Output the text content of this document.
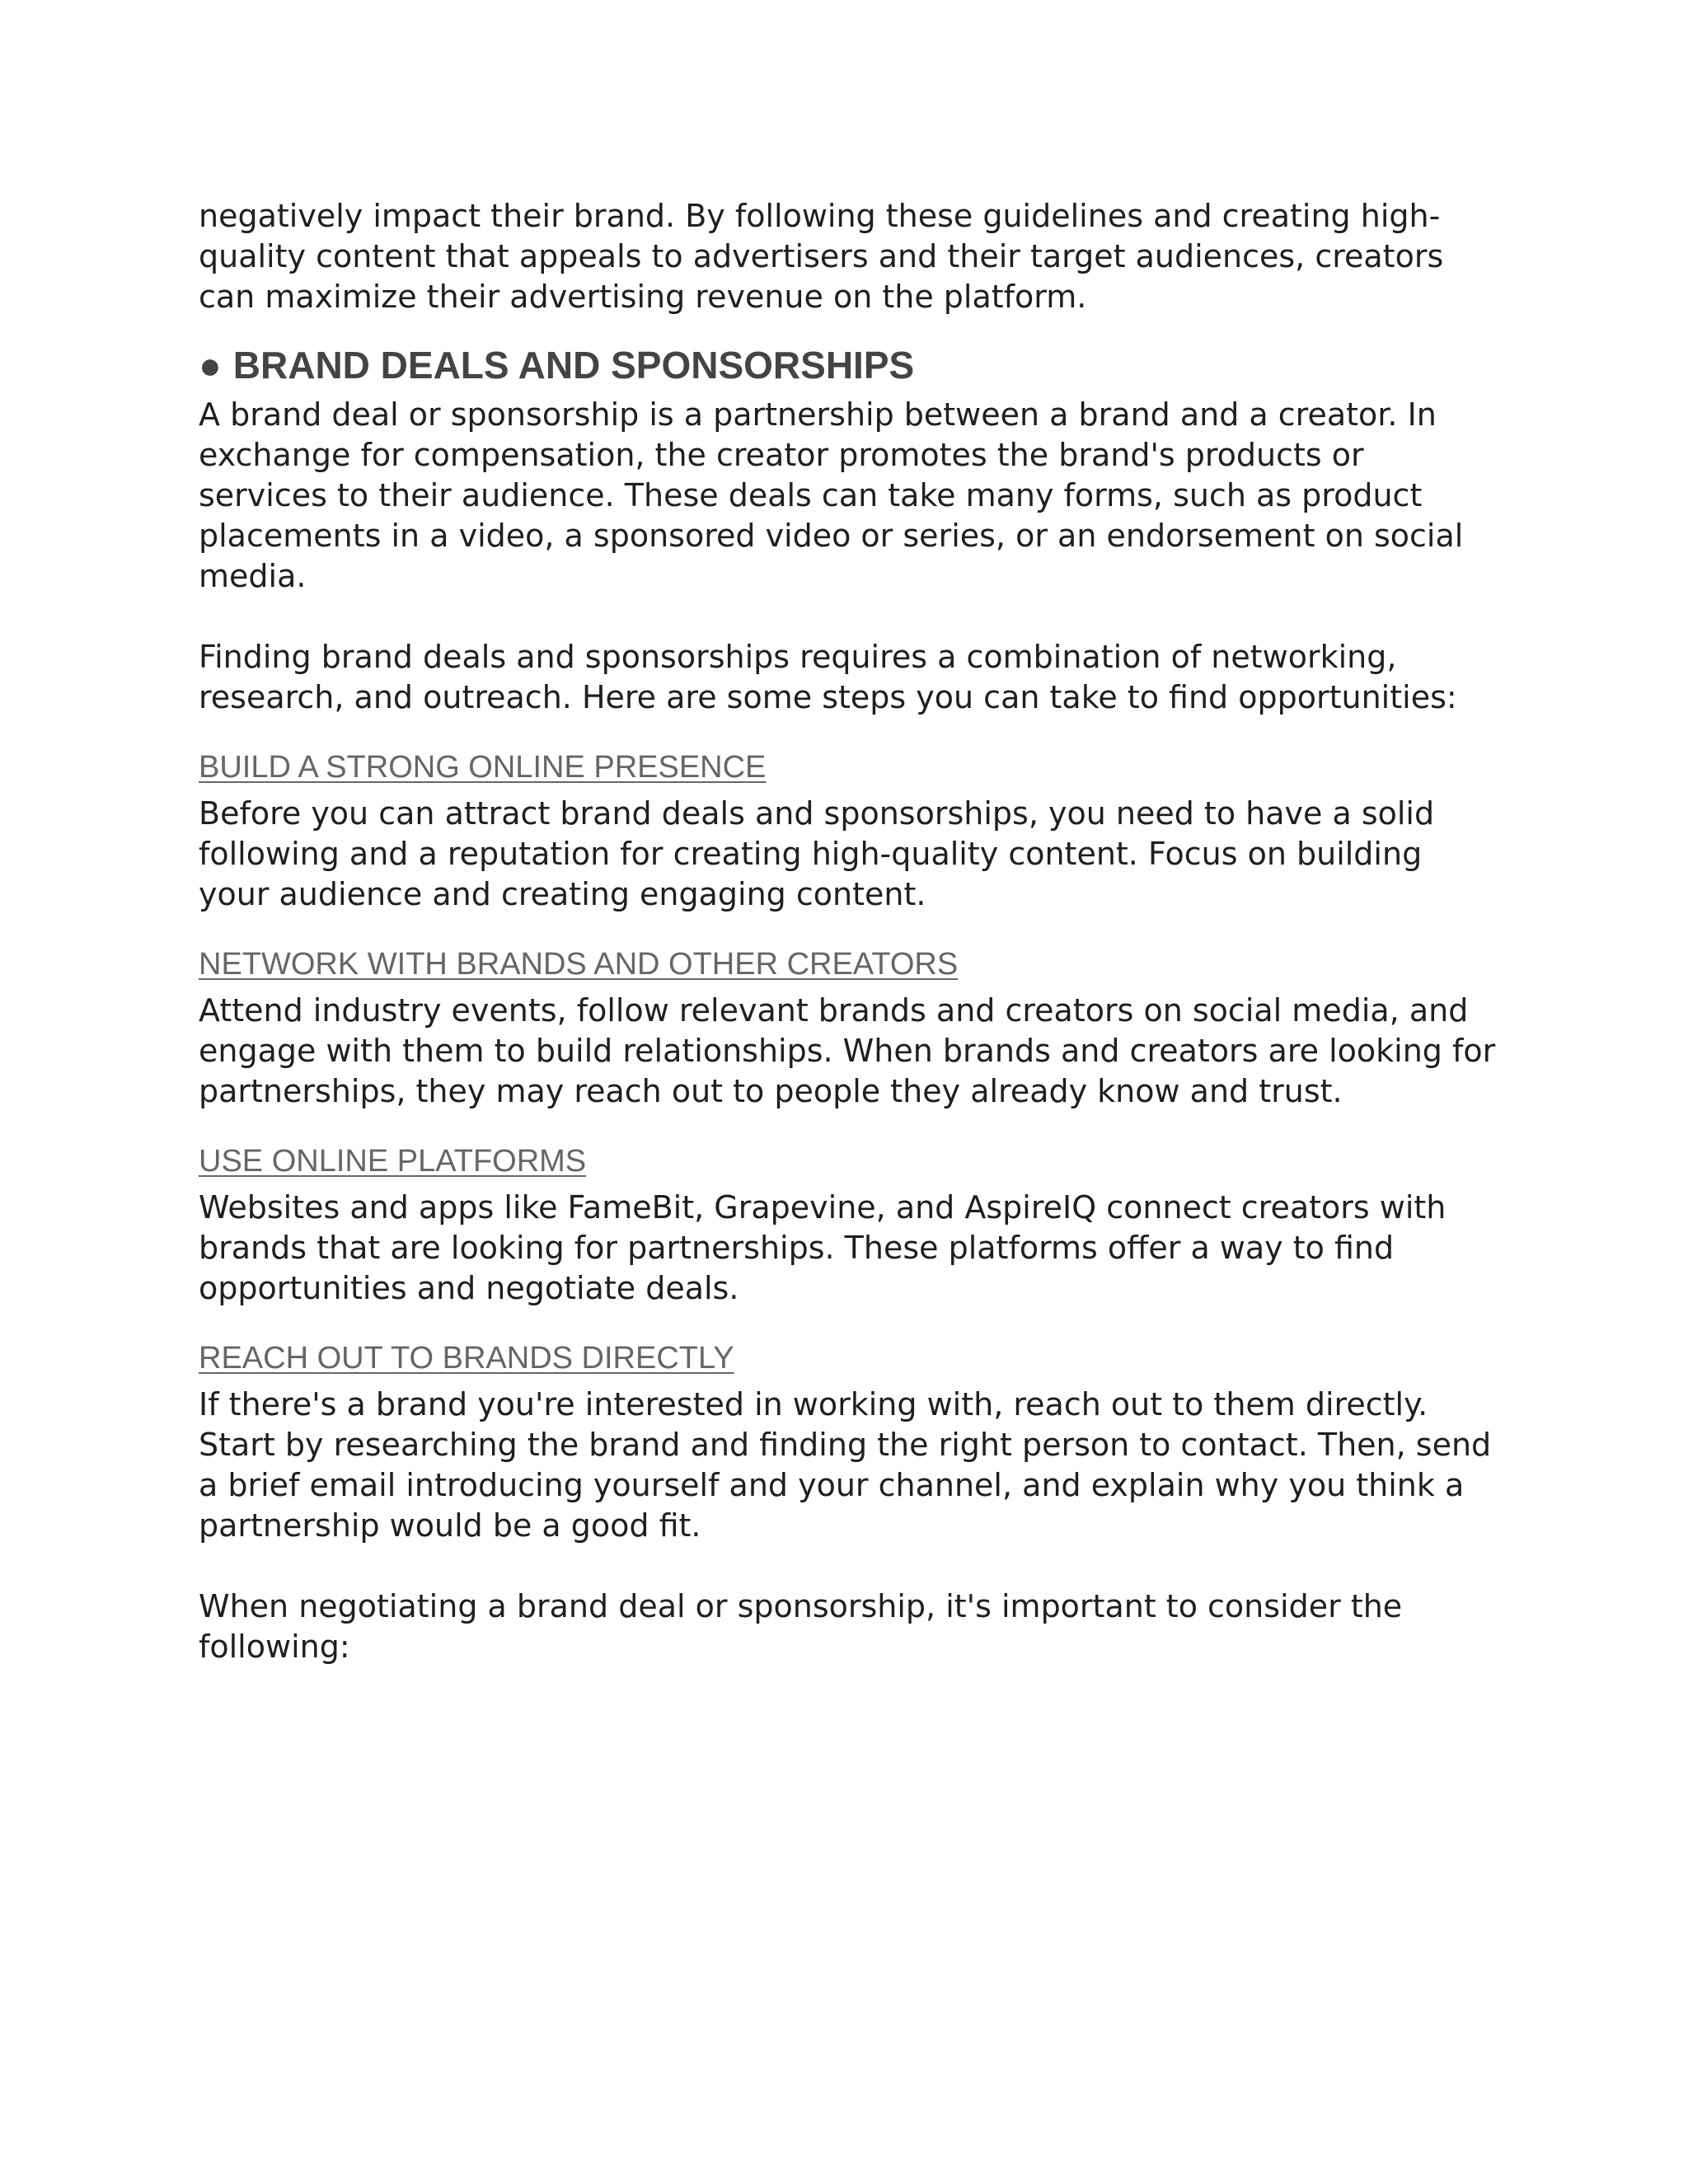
negatively impact their brand. By following these guidelines and creating high-quality content that appeals to advertisers and their target audiences, creators can maximize their advertising revenue on the platform.

● BRAND DEALS AND SPONSORSHIPS

A brand deal or sponsorship is a partnership between a brand and a creator. In exchange for compensation, the creator promotes the brand's products or services to their audience. These deals can take many forms, such as product placements in a video, a sponsored video or series, or an endorsement on social media.

Finding brand deals and sponsorships requires a combination of networking, research, and outreach. Here are some steps you can take to find opportunities:

BUILD A STRONG ONLINE PRESENCE

Before you can attract brand deals and sponsorships, you need to have a solid following and a reputation for creating high-quality content. Focus on building your audience and creating engaging content.

NETWORK WITH BRANDS AND OTHER CREATORS

Attend industry events, follow relevant brands and creators on social media, and engage with them to build relationships. When brands and creators are looking for partnerships, they may reach out to people they already know and trust.

USE ONLINE PLATFORMS

Websites and apps like FameBit, Grapevine, and AspireIQ connect creators with brands that are looking for partnerships. These platforms offer a way to find opportunities and negotiate deals.

REACH OUT TO BRANDS DIRECTLY

If there's a brand you're interested in working with, reach out to them directly. Start by researching the brand and finding the right person to contact. Then, send a brief email introducing yourself and your channel, and explain why you think a partnership would be a good fit.

When negotiating a brand deal or sponsorship, it's important to consider the following:
